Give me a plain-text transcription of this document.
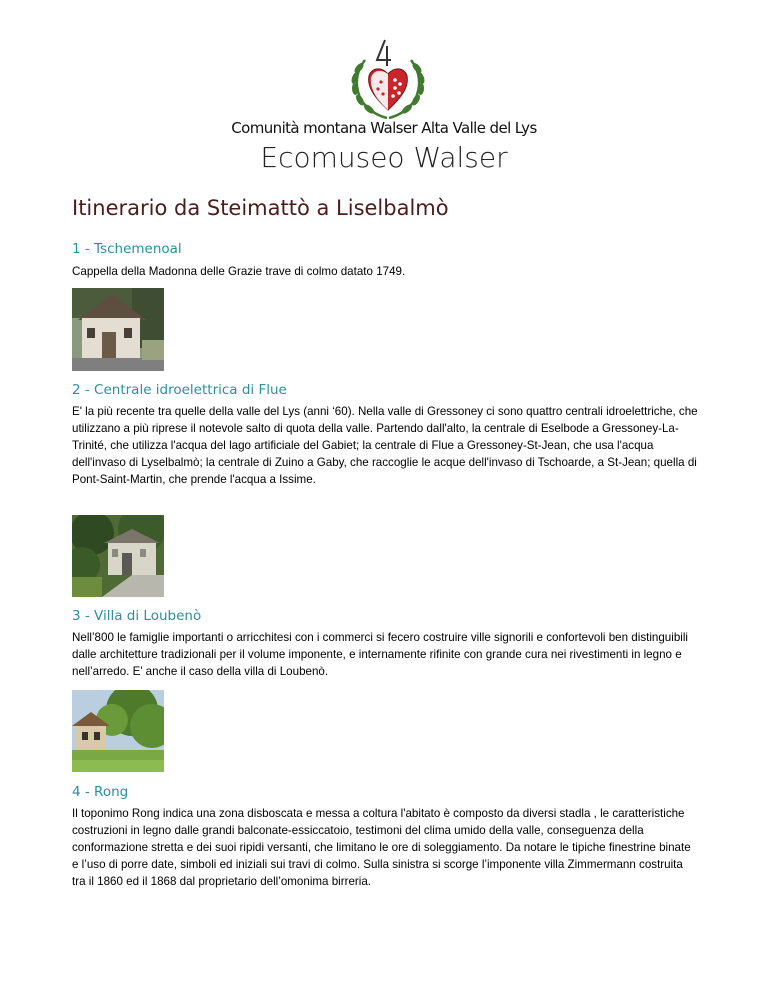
Comunità montana Walser Alta Valle del Lys
Ecomuseo Walser
Itinerario da Steimattò a Liselbalmò
1 - Tschemenoal

Cappella della Madonna delle Grazie trave di colmo datato 1749.

2 - Centrale idroelettrica di Flue

E' la più recente tra quelle della valle del Lys (anni ‘60). Nella valle di Gressoney ci sono quattro centrali idroelettriche, che utilizzano a più riprese il notevole salto di quota della valle. Partendo dall'alto, la centrale di Eselbode a Gressoney-La-Trinité, che utilizza l'acqua del lago artificiale del Gabiet; la centrale di Flue a Gressoney-St-Jean, che usa l'acqua dell'invaso di Lyselbalmò; la centrale di Zuino a Gaby, che raccoglie le acque dell'invaso di Tschoarde, a St-Jean; quella di Pont-Saint-Martin, che prende l'acqua a Issime.

3 - Villa di Loubenò

Nell’800 le famiglie importanti o arricchitesi con i commerci si fecero costruire ville signorili e confortevoli ben distinguibili dalle architetture tradizionali per il volume imponente, e internamente rifinite con grande cura nei rivestimenti in legno e nell’arredo. E’ anche il caso della villa di Loubenò.

4 - Rong

Il toponimo Rong indica una zona disboscata e messa a coltura l'abitato è composto da diversi stadla , le caratteristiche costruzioni in legno dalle grandi balconate-essiccatoio, testimoni del clima umido della valle, conseguenza della conformazione stretta e dei suoi ripidi versanti, che limitano le ore di soleggiamento. Da notare le tipiche finestrine binate e l’uso di porre date, simboli ed iniziali sui travi di colmo. Sulla sinistra si scorge l’imponente villa Zimmermann costruita tra il 1860 ed il 1868 dal proprietario dell’omonima birreria.
